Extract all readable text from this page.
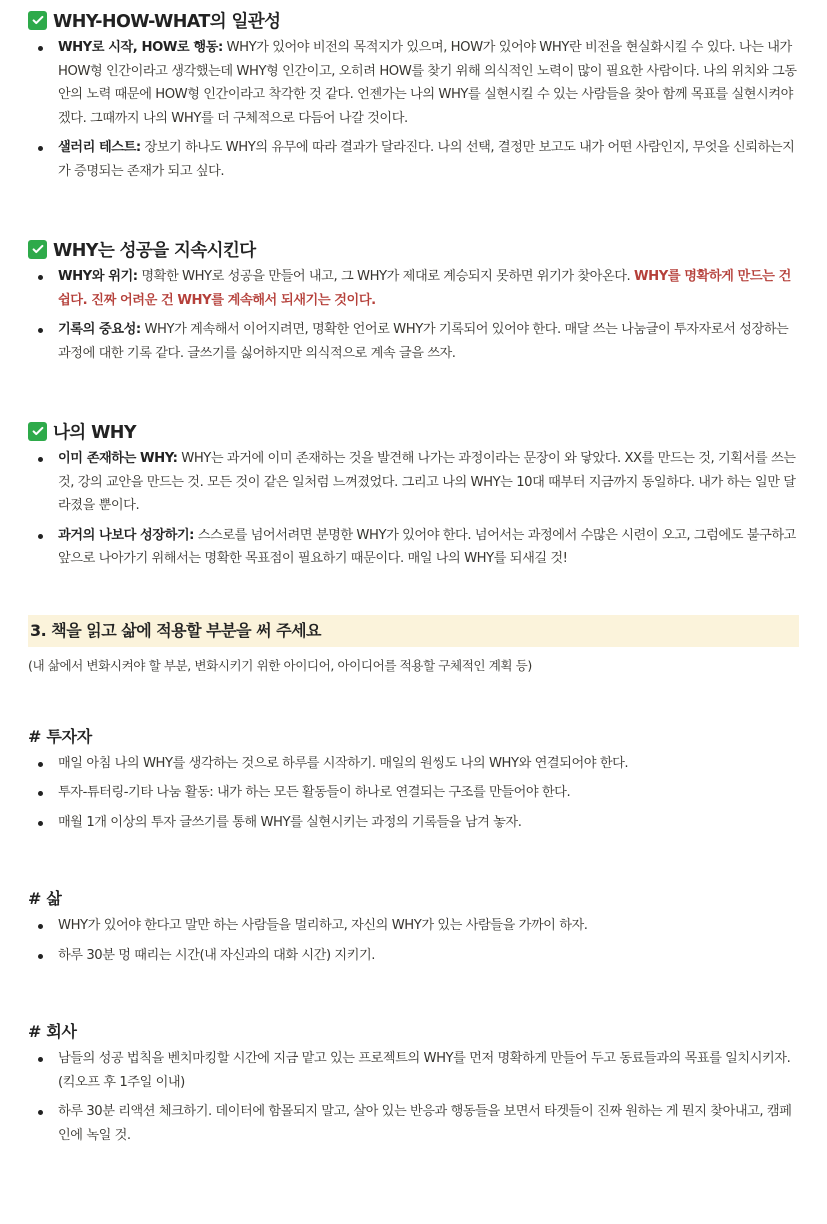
WHY-HOW-WHAT의 일관성
WHY로 시작, HOW로 행동: WHY가 있어야 비전의 목적지가 있으며, HOW가 있어야 WHY란 비전을 현실화시킬 수 있다. 나는 내가 HOW형 인간이라고 생각했는데 WHY형 인간이고, 오히려 HOW를 찾기 위해 의식적인 노력이 많이 필요한 사람이다. 나의 위치와 그동안의 노력 때문에 HOW형 인간이라고 착각한 것 같다. 언젠가는 나의 WHY를 실현시킬 수 있는 사람들을 찾아 함께 목표를 실현시켜야겠다. 그때까지 나의 WHY를 더 구체적으로 다듬어 나갈 것이다.
샐러리 테스트: 장보기 하나도 WHY의 유무에 따라 결과가 달라진다. 나의 선택, 결정만 보고도 내가 어떤 사람인지, 무엇을 신뢰하는지가 증명되는 존재가 되고 싶다.
WHY는 성공을 지속시킨다
WHY와 위기: 명확한 WHY로 성공을 만들어 내고, 그 WHY가 제대로 계승되지 못하면 위기가 찾아온다. WHY를 명확하게 만드는 건 쉽다. 진짜 어려운 건 WHY를 계속해서 되새기는 것이다.
기록의 중요성: WHY가 계속해서 이어지려면, 명확한 언어로 WHY가 기록되어 있어야 한다. 매달 쓰는 나눔글이 투자자로서 성장하는 과정에 대한 기록 같다. 글쓰기를 싫어하지만 의식적으로 계속 글을 쓰자.
나의 WHY
이미 존재하는 WHY: WHY는 과거에 이미 존재하는 것을 발견해 나가는 과정이라는 문장이 와 닿았다. XX를 만드는 것, 기획서를 쓰는 것, 강의 교안을 만드는 것. 모든 것이 같은 일처럼 느껴졌었다. 그리고 나의 WHY는 10대 때부터 지금까지 동일하다. 내가 하는 일만 달라졌을 뿐이다.
과거의 나보다 성장하기: 스스로를 넘어서려면 분명한 WHY가 있어야 한다. 넘어서는 과정에서 수많은 시련이 오고, 그럼에도 불구하고 앞으로 나아가기 위해서는 명확한 목표점이 필요하기 때문이다. 매일 나의 WHY를 되새길 것!
3. 책을 읽고 삶에 적용할 부분을 써 주세요
(내 삶에서 변화시켜야 할 부분, 변화시키기 위한 아이디어, 아이디어를 적용할 구체적인 계획 등)
# 투자자
매일 아침 나의 WHY를 생각하는 것으로 하루를 시작하기. 매일의 원씽도 나의 WHY와 연결되어야 한다.
투자-튜터링-기타 나눔 활동: 내가 하는 모든 활동들이 하나로 연결되는 구조를 만들어야 한다.
매월 1개 이상의 투자 글쓰기를 통해 WHY를 실현시키는 과정의 기록들을 남겨 놓자.
# 삶
WHY가 있어야 한다고 말만 하는 사람들을 멀리하고, 자신의 WHY가 있는 사람들을 가까이 하자.
하루 30분 멍 때리는 시간(내 자신과의 대화 시간) 지키기.
# 회사
남들의 성공 법칙을 벤치마킹할 시간에 지금 맡고 있는 프로젝트의 WHY를 먼저 명확하게 만들어 두고 동료들과의 목표를 일치시키자. (킥오프 후 1주일 이내)
하루 30분 리액션 체크하기. 데이터에 함몰되지 말고, 살아 있는 반응과 행동들을 보면서 타겟들이 진짜 원하는 게 뭔지 찾아내고, 캠페인에 녹일 것.
